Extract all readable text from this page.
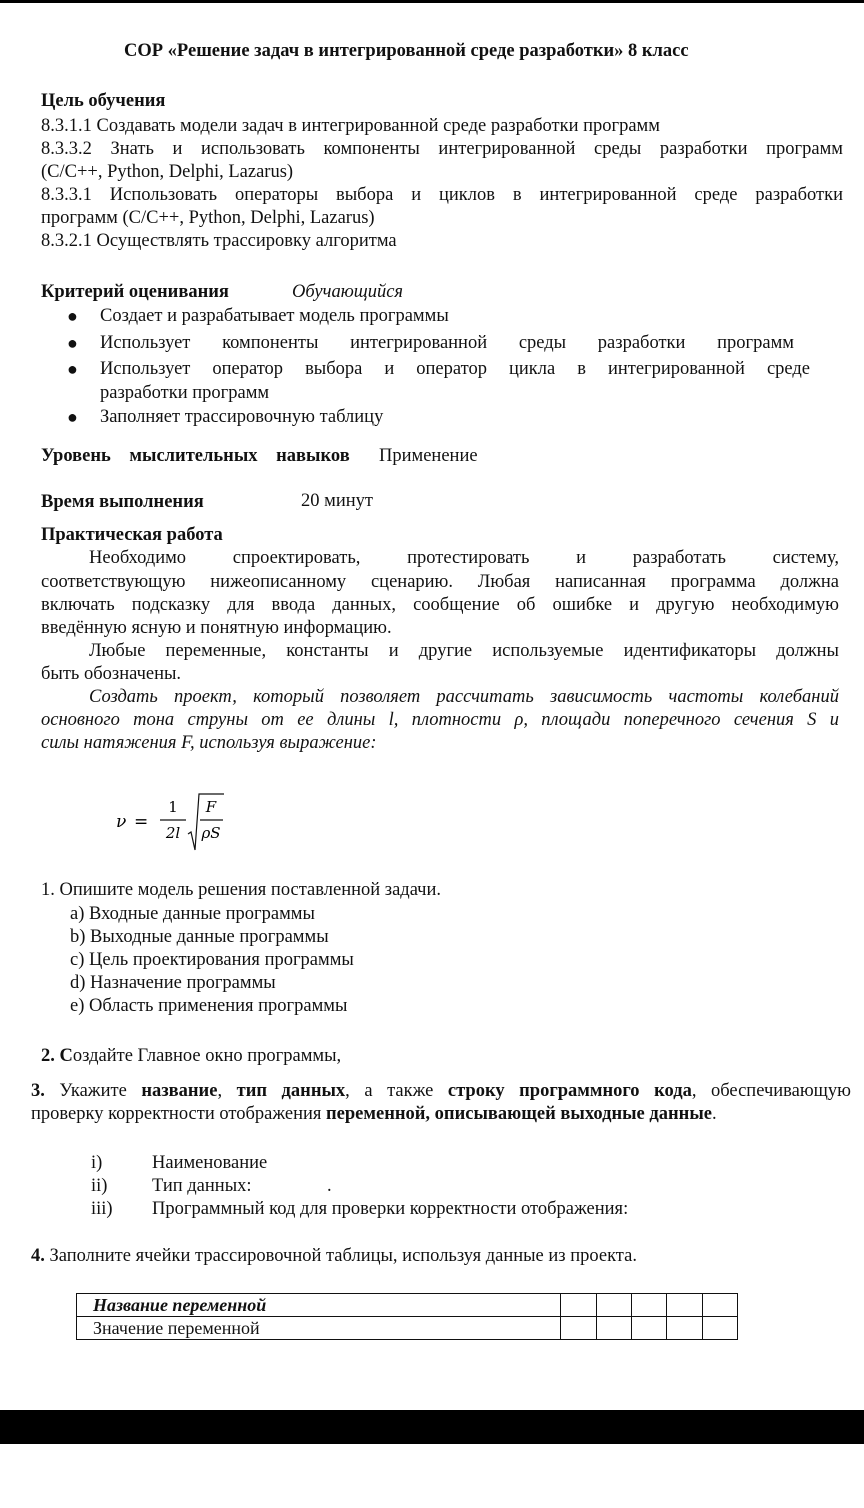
СОР «Решение задач в интегрированной среде разработки» 8 класс
Цель обучения
8.3.1.1 Создавать модели задач в интегрированной среде разработки программ
8.3.3.2 Знать и использовать компоненты интегрированной среды разработки программ
(C/C++, Python, Delphi, Lazarus)
8.3.3.1 Использовать операторы выбора и циклов в интегрированной среде разработки
программ (C/C++, Python, Delphi, Lazarus)
8.3.2.1 Осуществлять трассировку алгоритма
Критерий оценивания	Обучающийся
● Создает и разрабатывает модель программы
● Использует компоненты интегрированной среды разработки программ
● Использует оператор выбора и оператор цикла в интегрированной среде
разработки программ
● Заполняет трассировочную таблицу
Уровень мыслительных навыков Применение
Время выполнения	20 минут
Практическая работа
Необходимо спроектировать, протестировать и разработать систему,
соответствующую нижеописанному сценарию. Любая написанная программа должна
включать подсказку для ввода данных, сообщение об ошибке и другую необходимую
введённую ясную и понятную информацию.
Любые переменные, константы и другие используемые идентификаторы должны
быть обозначены.
Создать проект, который позволяет рассчитать зависимость частоты колебаний
основного тона струны от ее длины l, плотности ρ, площади поперечного сечения S и
силы натяжения F, используя выражение:
ν =
1
2l
F
ρS
1. Опишите модель решения поставленной задачи.
a) Входные данные программы
b) Выходные данные программы
c) Цель проектирования программы
d) Назначение программы
e) Область применения программы
2. Создайте Главное окно программы,
3. Укажите название, тип данных, а также строку программного кода, обеспечивающую
проверку корректности отображения переменной, описывающей выходные данные.
i)	Наименование
ii) Тип данных:	.
iii) Программный код для проверки корректности отображения:
4. Заполните ячейки трассировочной таблицы, используя данные из проекта.
Название переменной					
Значение переменной					
